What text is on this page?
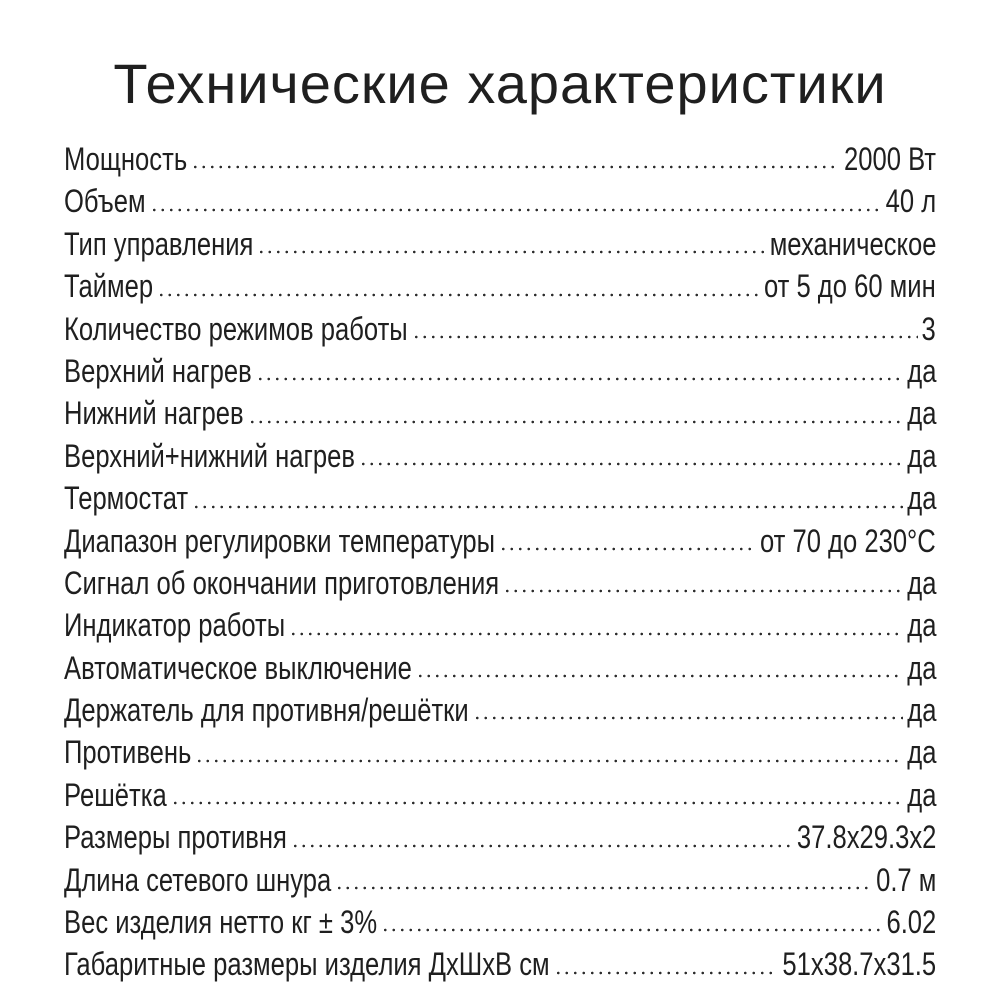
Технические характеристики
Мощность	2000 Вт
Объем	40 л
Тип управления	механическое
Таймер	от 5 до 60 мин
Количество режимов работы	3
Верхний нагрев	да
Нижний нагрев	да
Верхний+нижний нагрев	да
Термостат	да
Диапазон регулировки температуры	от 70 до 230°С
Сигнал об окончании приготовления	да
Индикатор работы	да
Автоматическое выключение	да
Держатель для противня/решётки	да
Противень	да
Решётка	да
Размеры противня	37.8x29.3x2
Длина сетевого шнура	0.7 м
Вес изделия нетто кг ± 3%	6.02
Габаритные размеры изделия ДхШхВ см	51x38.7x31.5
